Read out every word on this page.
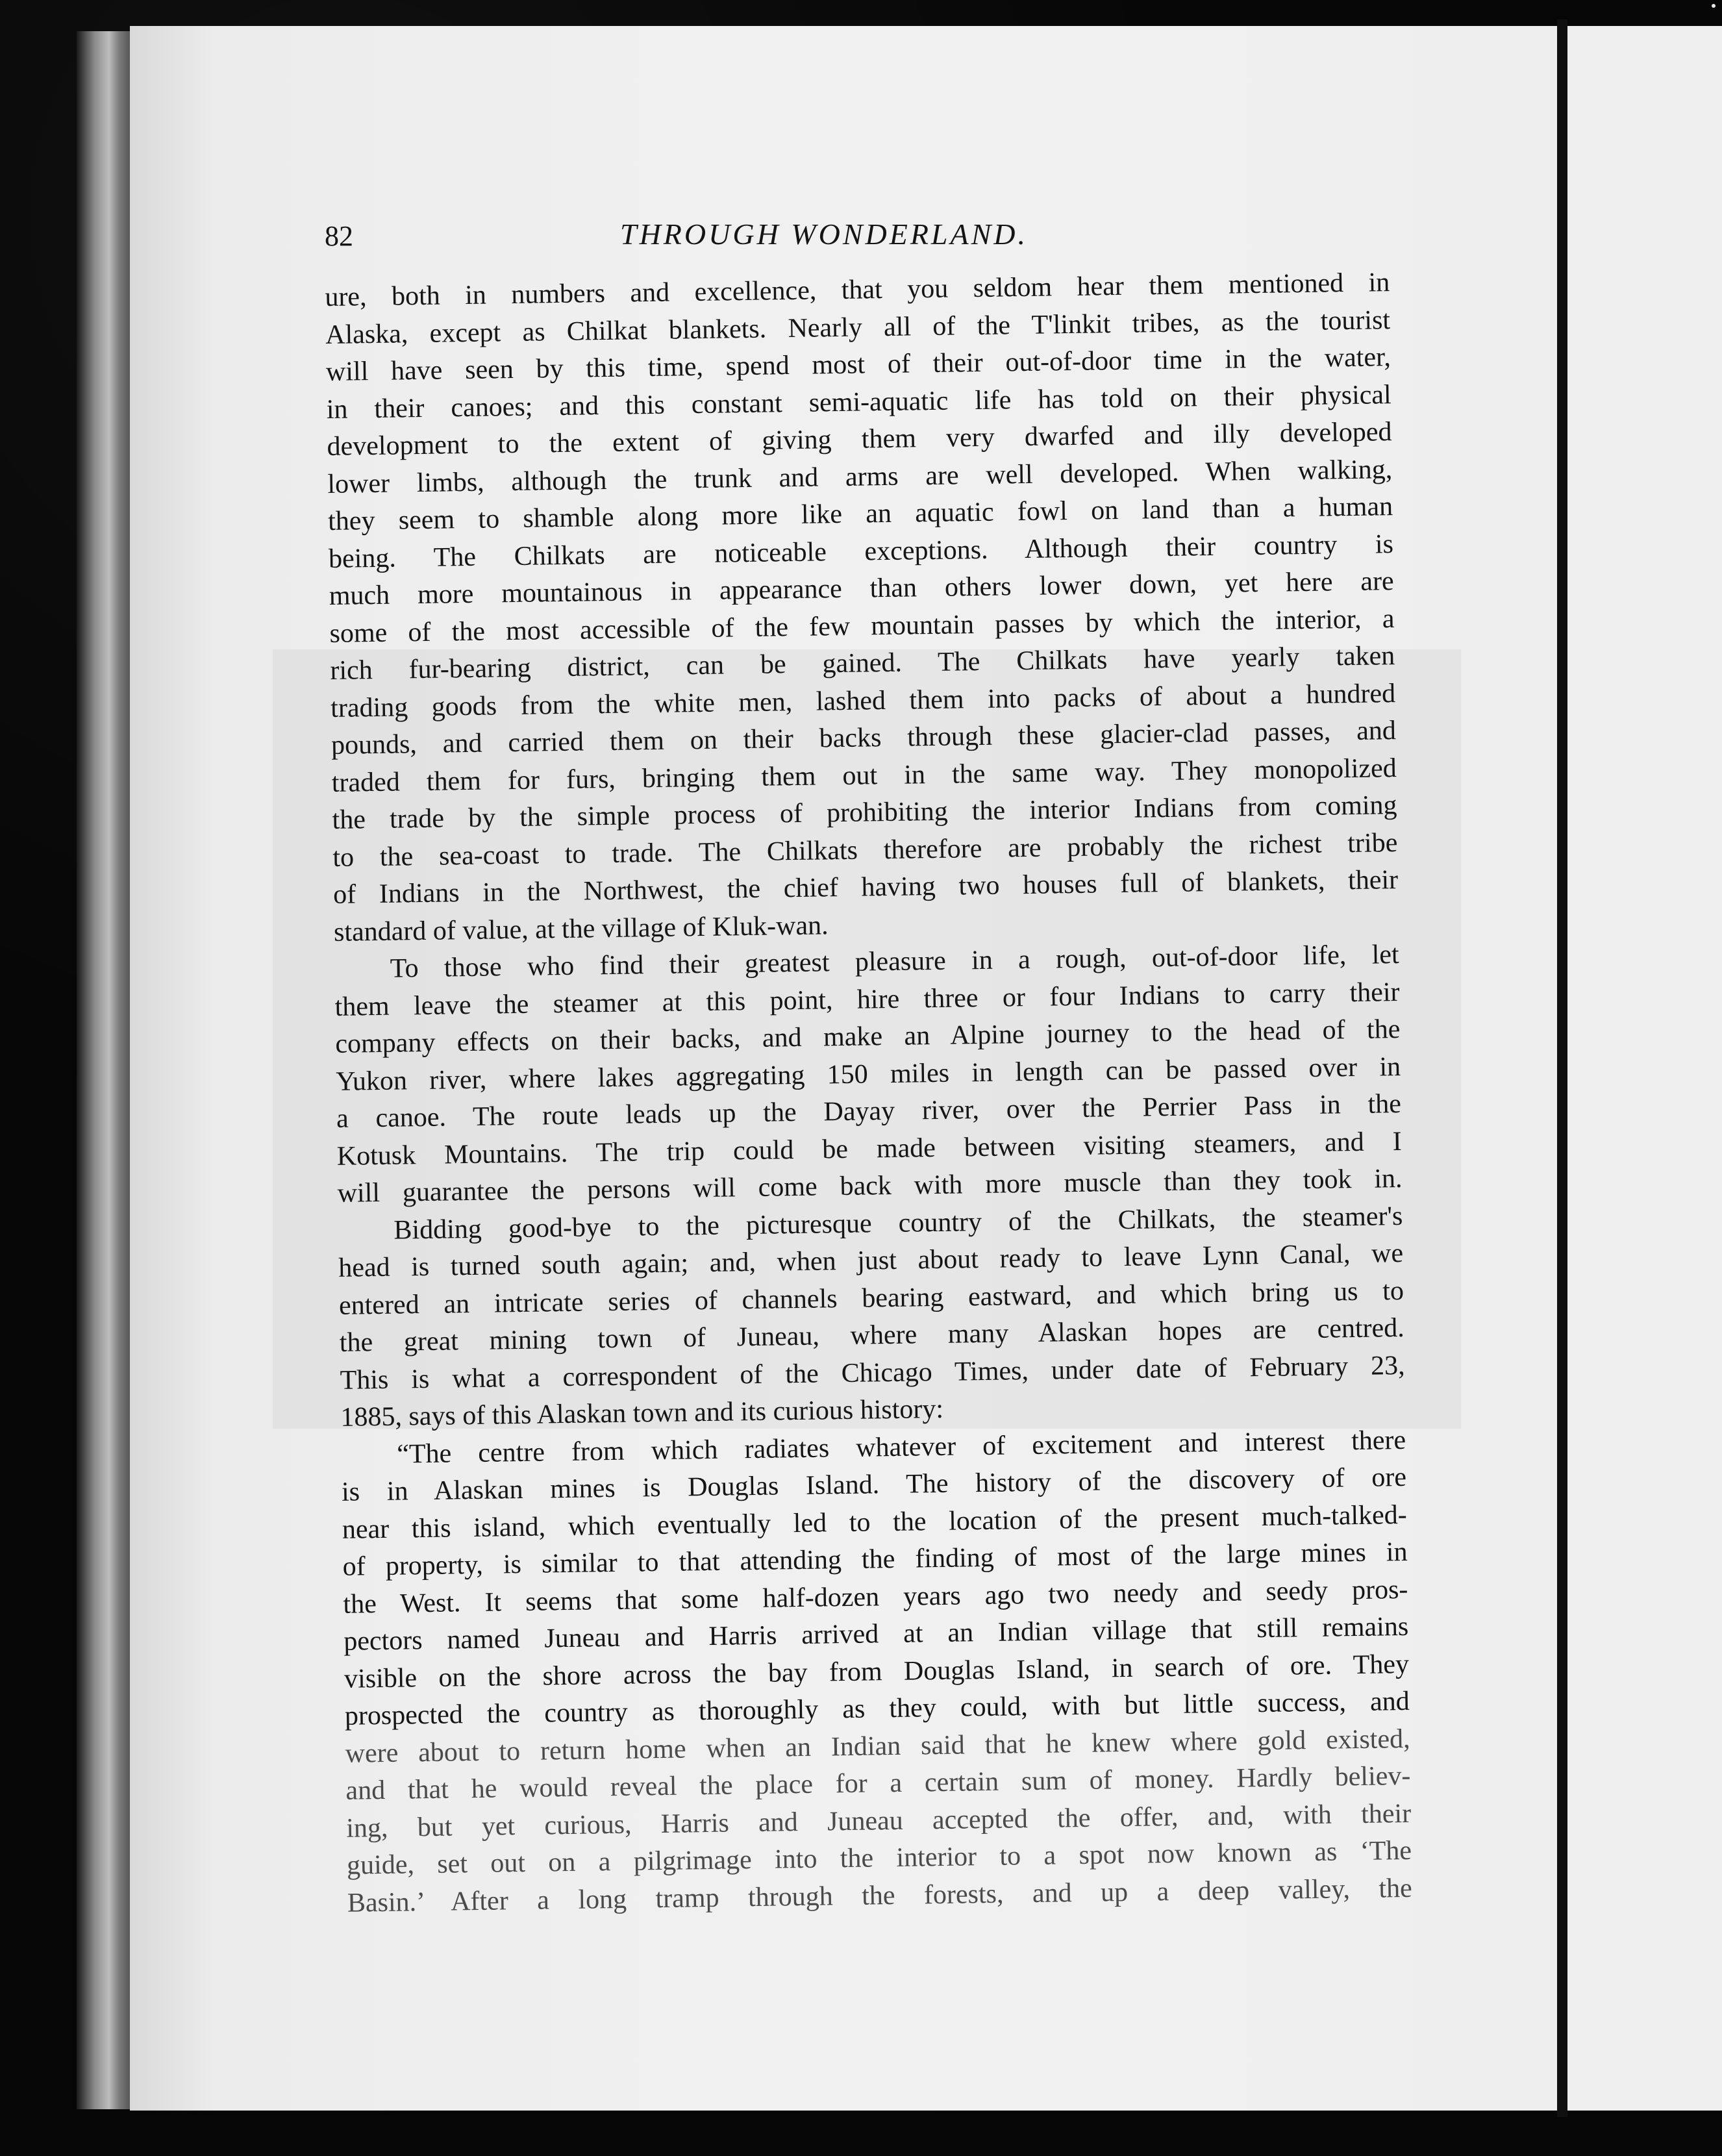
82	THROUGH WONDERLAND.
ure, both in numbers and excellence, that you seldom hear them mentioned in
Alaska, except as Chilkat blankets. Nearly all of the T'linkit tribes, as the tourist
will have seen by this time, spend most of their out-of-door time in the water,
in their canoes; and this constant semi-aquatic life has told on their physical
development to the extent of giving them very dwarfed and illy developed
lower limbs, although the trunk and arms are well developed. When walking,
they seem to shamble along more like an aquatic fowl on land than a human
being. The Chilkats are noticeable exceptions. Although their country is
much more mountainous in appearance than others lower down, yet here are
some of the most accessible of the few mountain passes by which the interior, a
rich fur-bearing district, can be gained. The Chilkats have yearly taken
trading goods from the white men, lashed them into packs of about a hundred
pounds, and carried them on their backs through these glacier-clad passes, and
traded them for furs, bringing them out in the same way. They monopolized
the trade by the simple process of prohibiting the interior Indians from coming
to the sea-coast to trade. The Chilkats therefore are probably the richest tribe
of Indians in the Northwest, the chief having two houses full of blankets, their
standard of value, at the village of Kluk-wan.
To those who find their greatest pleasure in a rough, out-of-door life, let
them leave the steamer at this point, hire three or four Indians to carry their
company effects on their backs, and make an Alpine journey to the head of the
Yukon river, where lakes aggregating 150 miles in length can be passed over in
a canoe. The route leads up the Dayay river, over the Perrier Pass in the
Kotusk Mountains. The trip could be made between visiting steamers, and I
will guarantee the persons will come back with more muscle than they took in.
Bidding good-bye to the picturesque country of the Chilkats, the steamer's
head is turned south again; and, when just about ready to leave Lynn Canal, we
entered an intricate series of channels bearing eastward, and which bring us to
the great mining town of Juneau, where many Alaskan hopes are centred.
This is what a correspondent of the Chicago Times, under date of February 23,
1885, says of this Alaskan town and its curious history:
“The centre from which radiates whatever of excitement and interest there
is in Alaskan mines is Douglas Island. The history of the discovery of ore
near this island, which eventually led to the location of the present much-talked-
of property, is similar to that attending the finding of most of the large mines in
the West. It seems that some half-dozen years ago two needy and seedy pros-
pectors named Juneau and Harris arrived at an Indian village that still remains
visible on the shore across the bay from Douglas Island, in search of ore. They
prospected the country as thoroughly as they could, with but little success, and
were about to return home when an Indian said that he knew where gold existed,
and that he would reveal the place for a certain sum of money. Hardly believ-
ing, but yet curious, Harris and Juneau accepted the offer, and, with their
guide, set out on a pilgrimage into the interior to a spot now known as ‘The
Basin.’ After a long tramp through the forests, and up a deep valley, the
